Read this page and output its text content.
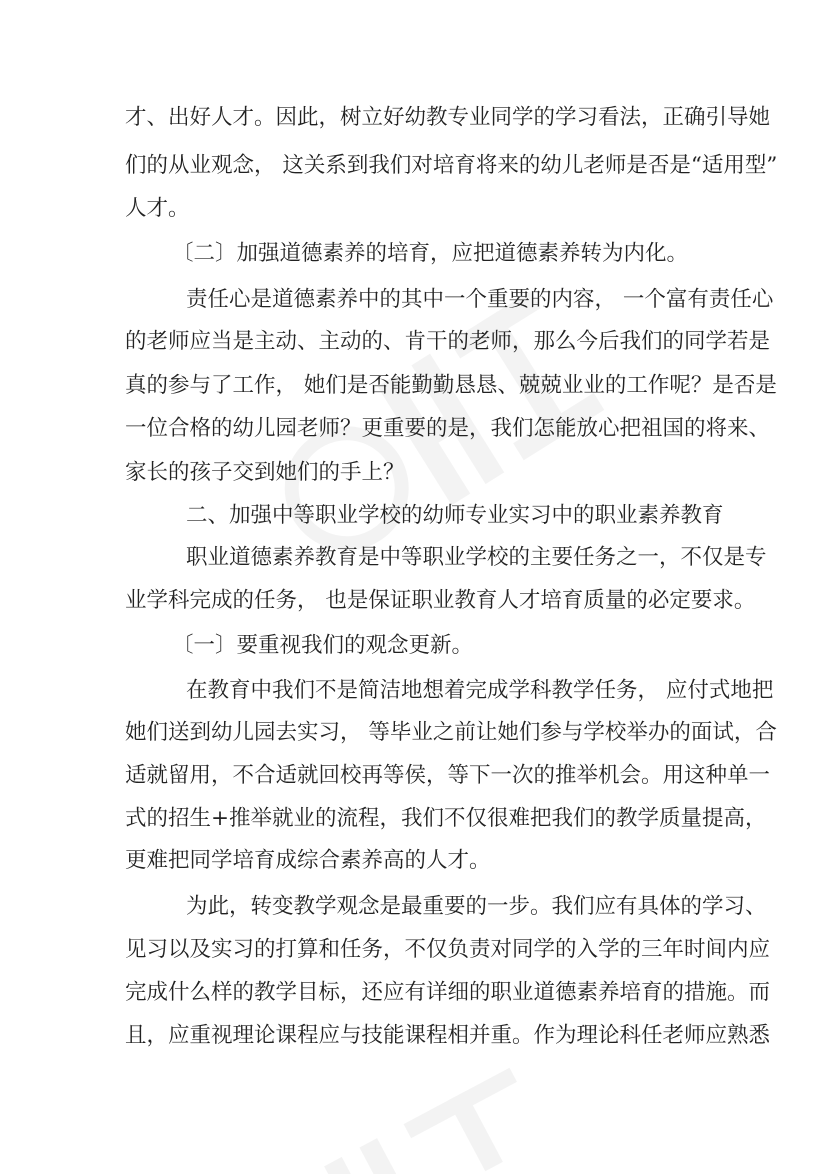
才、出好人才。因此，树立好幼教专业同学的学习看法，正确引导她
们的从业观念， 这关系到我们对培育将来的幼儿老师是否是“适用型”
人才。
〔二〕加强道德素养的培育，应把道德素养转为内化。
责任心是道德素养中的其中一个重要的内容， 一个富有责任心
的老师应当是主动、主动的、肯干的老师，那么今后我们的同学若是
真的参与了工作， 她们是否能勤勤恳恳、兢兢业业的工作呢？是否是
一位合格的幼儿园老师？更重要的是，我们怎能放心把祖国的将来、
家长的孩子交到她们的手上？
二、加强中等职业学校的幼师专业实习中的职业素养教育
职业道德素养教育是中等职业学校的主要任务之一，不仅是专
业学科完成的任务， 也是保证职业教育人才培育质量的必定要求。
〔一〕要重视我们的观念更新。
在教育中我们不是简洁地想着完成学科教学任务， 应付式地把
她们送到幼儿园去实习， 等毕业之前让她们参与学校举办的面试，合
适就留用，不合适就回校再等侯，等下一次的推举机会。用这种单一
式的招生+推举就业的流程，我们不仅很难把我们的教学质量提高，
更难把同学培育成综合素养高的人才。
为此，转变教学观念是最重要的一步。我们应有具体的学习、
见习以及实习的打算和任务，不仅负责对同学的入学的三年时间内应
完成什么样的教学目标，还应有详细的职业道德素养培育的措施。而
且，应重视理论课程应与技能课程相并重。作为理论科任老师应熟悉
